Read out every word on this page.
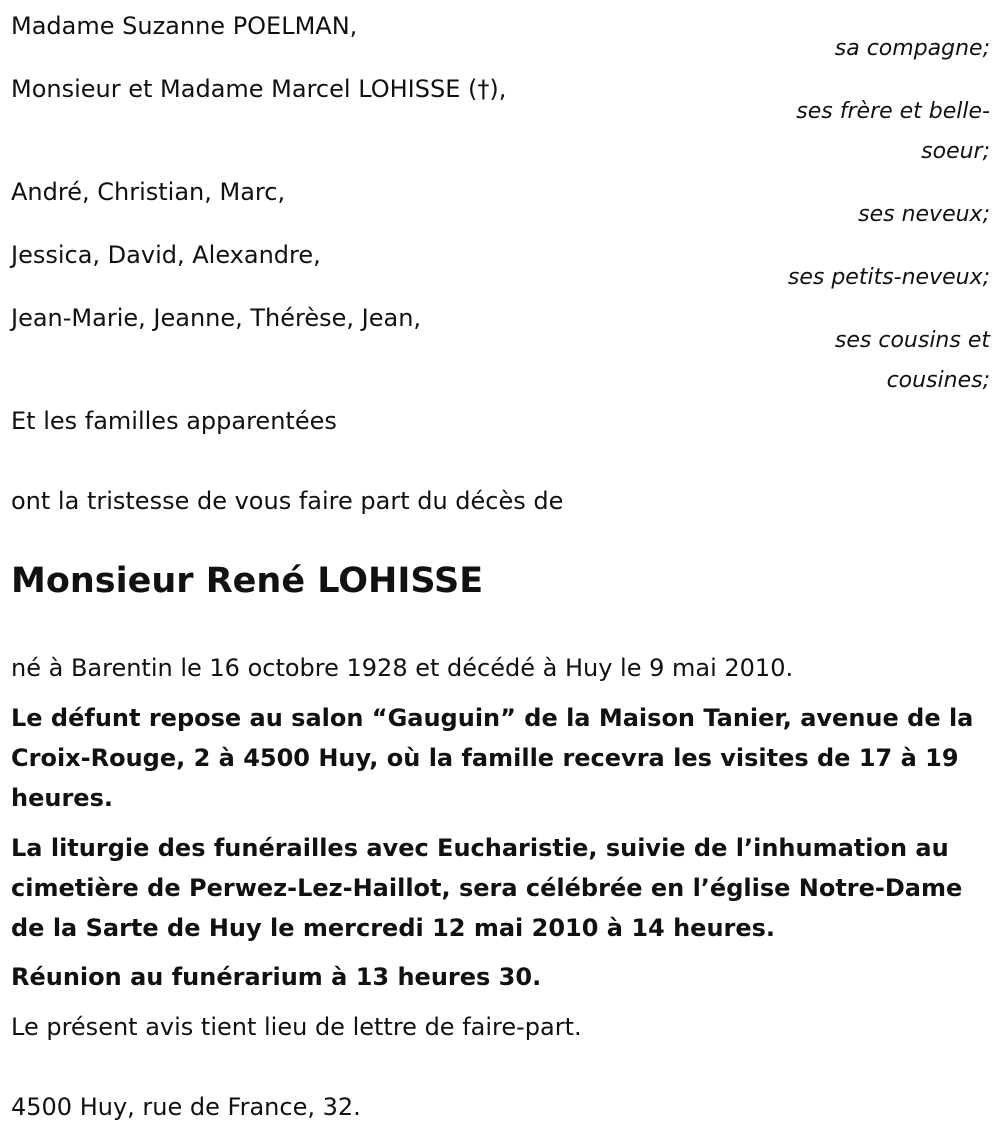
Madame Suzanne POELMAN,
sa compagne;
Monsieur et Madame Marcel LOHISSE (†),
ses frère et belle-soeur;
André, Christian, Marc,
ses neveux;
Jessica, David, Alexandre,
ses petits-neveux;
Jean-Marie, Jeanne, Thérèse, Jean,
ses cousins et cousines;
Et les familles apparentées
ont la tristesse de vous faire part du décès de
Monsieur René LOHISSE
né à Barentin le 16 octobre 1928 et décédé à Huy le 9 mai 2010.
Le défunt repose au salon “Gauguin” de la Maison Tanier, avenue de la Croix-Rouge, 2 à 4500 Huy, où la famille recevra les visites de 17 à 19 heures.
La liturgie des funérailles avec Eucharistie, suivie de l’inhumation au cimetière de Perwez-Lez-Haillot, sera célébrée en l’église Notre-Dame de la Sarte de Huy le mercredi 12 mai 2010 à 14 heures.
Réunion au funérarium à 13 heures 30.
Le présent avis tient lieu de lettre de faire-part.
4500 Huy, rue de France, 32.
